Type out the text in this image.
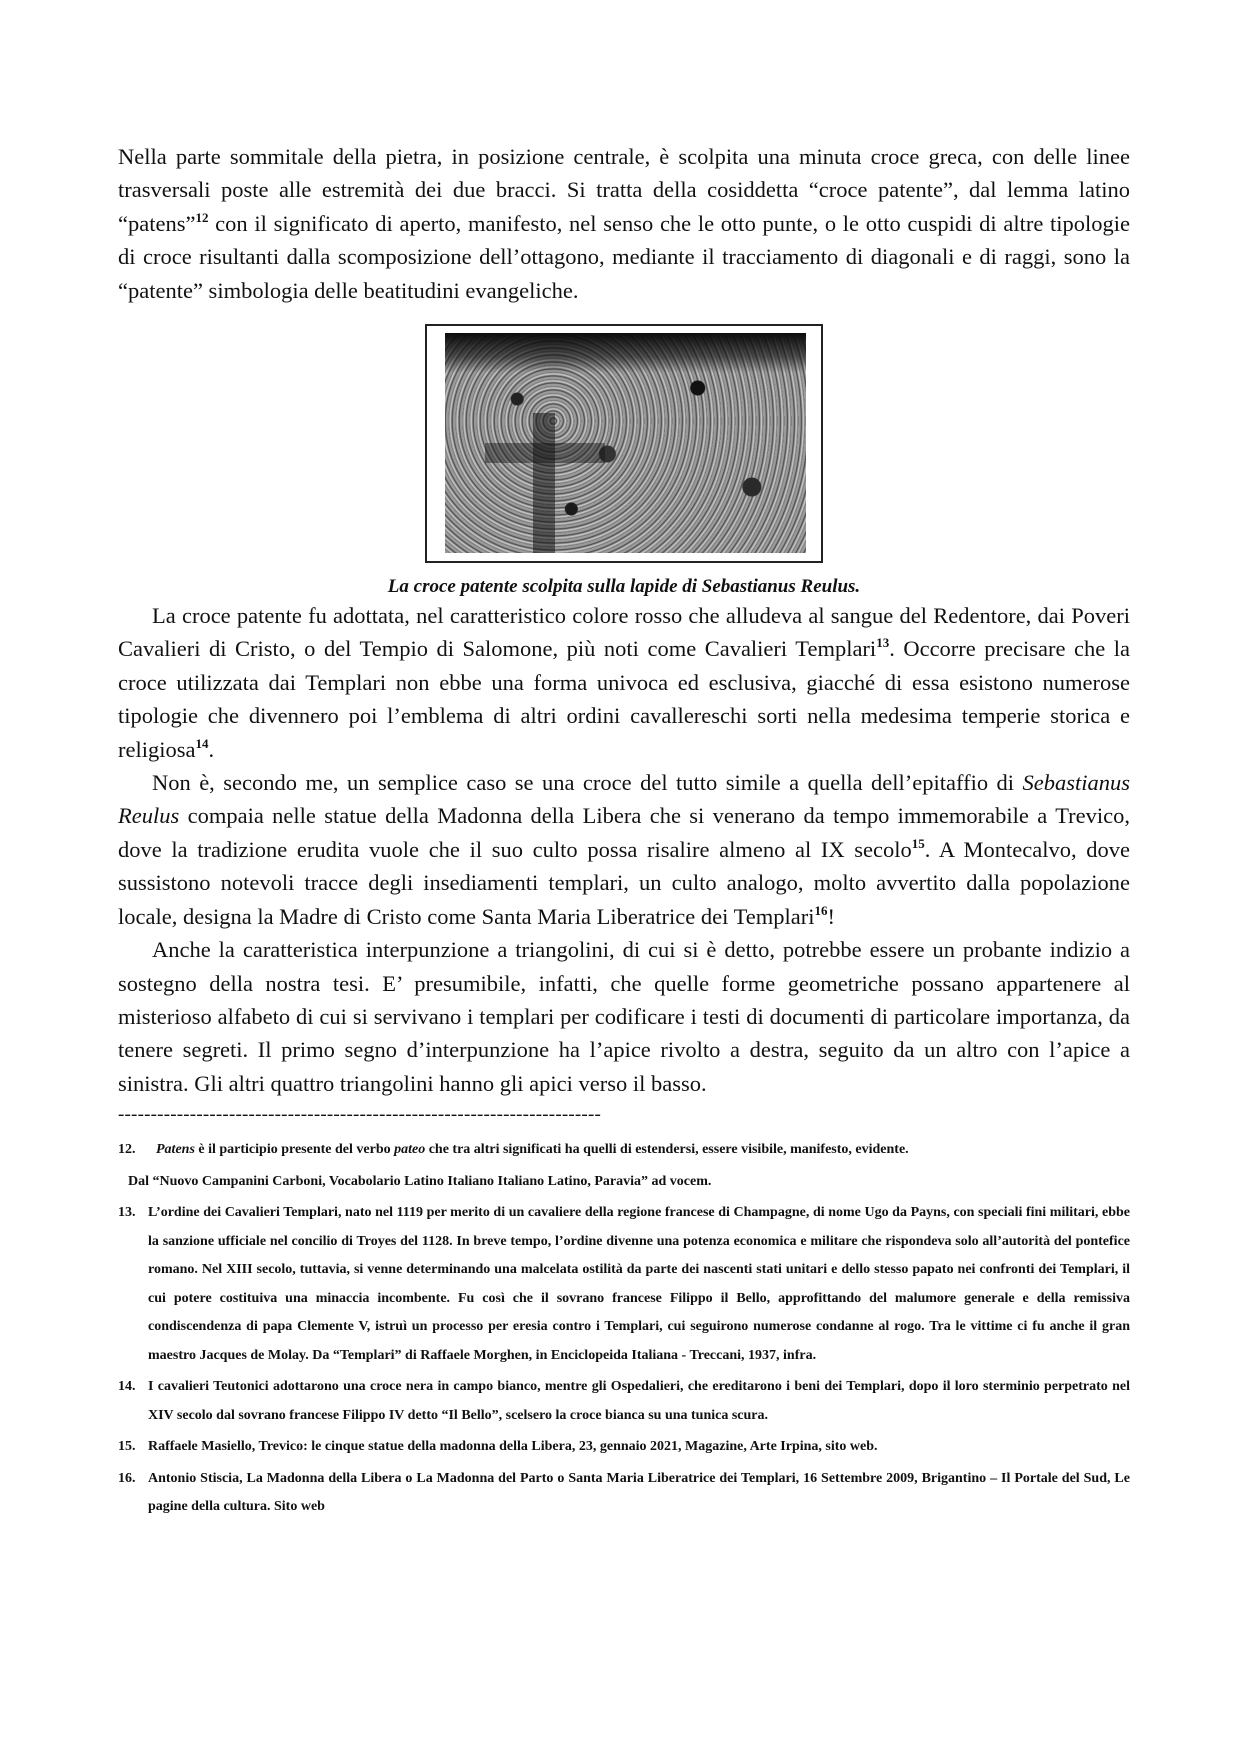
Nella parte sommitale della pietra, in posizione centrale, è scolpita una minuta croce greca, con delle linee trasversali poste alle estremità dei due bracci. Si tratta della cosiddetta “croce patente”, dal lemma latino “patens”$^{12}$ con il significato di aperto, manifesto, nel senso che le otto punte, o le otto cuspidi di altre tipologie di croce risultanti dalla scomposizione dell’ottagono, mediante il tracciamento di diagonali e di raggi, sono la “patente” simbologia delle beatitudini evangeliche.

La croce patente scolpita sulla lapide di Sebastianus Reulus.

La croce patente fu adottata, nel caratteristico colore rosso che alludeva al sangue del Redentore, dai Poveri Cavalieri di Cristo, o del Tempio di Salomone, più noti come Cavalieri Templari$^{13}$. Occorre precisare che la croce utilizzata dai Templari non ebbe una forma univoca ed esclusiva, giacché di essa esistono numerose tipologie che divennero poi l’emblema di altri ordini cavallereschi sorti nella medesima temperie storica e religiosa$^{14}$.

Non è, secondo me, un semplice caso se una croce del tutto simile a quella dell’epitaffio di Sebastianus Reulus compaia nelle statue della Madonna della Libera che si venerano da tempo immemorabile a Trevico, dove la tradizione erudita vuole che il suo culto possa risalire almeno al IX secolo$^{15}$. A Montecalvo, dove sussistono notevoli tracce degli insediamenti templari, un culto analogo, molto avvertito dalla popolazione locale, designa la Madre di Cristo come Santa Maria Liberatrice dei Templari$^{16}$!

Anche la caratteristica interpunzione a triangolini, di cui si è detto, potrebbe essere un probante indizio a sostegno della nostra tesi. E’ presumibile, infatti, che quelle forme geometriche possano appartenere al misterioso alfabeto di cui si servivano i templari per codificare i testi di documenti di particolare importanza, da tenere segreti. Il primo segno d’interpunzione ha l’apice rivolto a destra, seguito da un altro con l’apice a sinistra. Gli altri quattro triangolini hanno gli apici verso il basso.

--------------------------------------------------------------------------
12.	Patens è il participio presente del verbo pateo che tra altri significati ha quelli di estendersi, essere visibile, manifesto, evidente.
Dal “Nuovo Campanini Carboni, Vocabolario Latino Italiano Italiano Latino, Paravia” ad vocem.
13. L’ordine dei Cavalieri Templari, nato nel 1119 per merito di un cavaliere della regione francese di Champagne, di nome Ugo da Payns, con speciali fini militari, ebbe la sanzione ufficiale nel concilio di Troyes del 1128. In breve tempo, l’ordine divenne una potenza economica e militare che rispondeva solo all’autorità del pontefice romano. Nel XIII secolo, tuttavia, si venne determinando una malcelata ostilità da parte dei nascenti stati unitari e dello stesso papato nei confronti dei Templari, il cui potere costituiva una minaccia incombente. Fu così che il sovrano francese Filippo il Bello, approfittando del malumore generale e della remissiva condiscendenza di papa Clemente V, istruì un processo per eresia contro i Templari, cui seguirono numerose condanne al rogo. Tra le vittime ci fu anche il gran maestro Jacques de Molay. Da “Templari” di Raffaele Morghen, in Enciclopeida Italiana - Treccani, 1937, infra.
14. I cavalieri Teutonici adottarono una croce nera in campo bianco, mentre gli Ospedalieri, che ereditarono i beni dei Templari, dopo il loro sterminio perpetrato nel XIV secolo dal sovrano francese Filippo IV detto “Il Bello”, scelsero la croce bianca su una tunica scura.
15. Raffaele Masiello, Trevico: le cinque statue della madonna della Libera, 23, gennaio 2021, Magazine, Arte Irpina, sito web.
16. Antonio Stiscia, La Madonna della Libera o La Madonna del Parto o Santa Maria Liberatrice dei Templari, 16 Settembre 2009, Brigantino – Il Portale del Sud, Le pagine della cultura. Sito web
